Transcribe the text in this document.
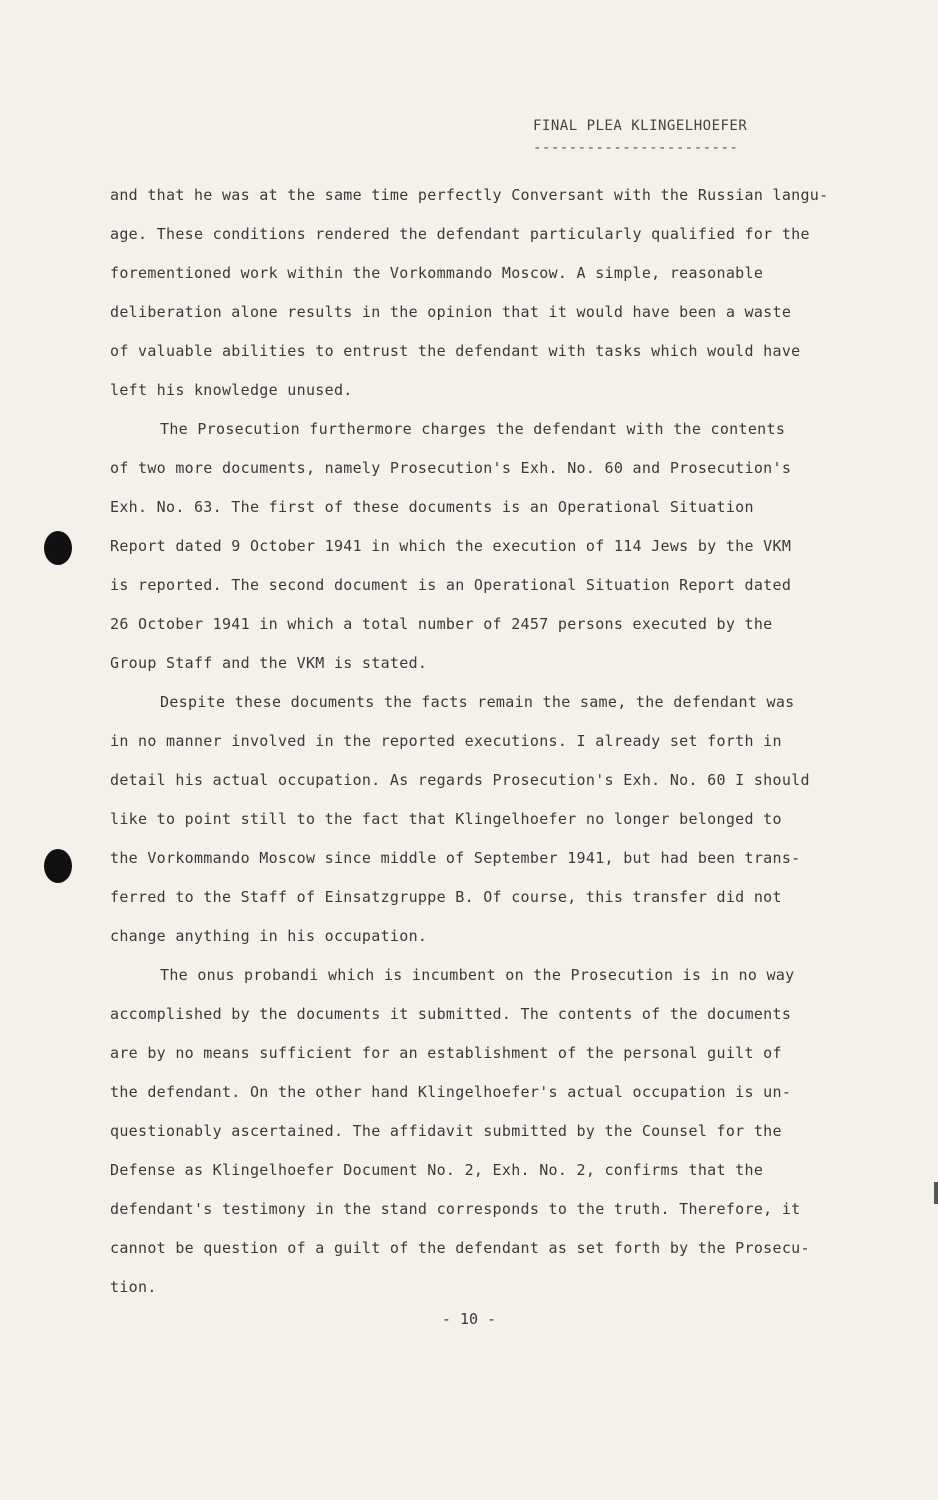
FINAL PLEA KLINGELHOEFER
-----------------------
and that he was at the same time perfectly Conversant with the Russian langu-
age. These conditions rendered the defendant particularly qualified for the
forementioned work within the Vorkommando Moscow. A simple, reasonable
deliberation alone results in the opinion that it would have been a waste
of valuable abilities to entrust the defendant with tasks which would have
left his knowledge unused.
The Prosecution furthermore charges the defendant with the contents
of two more documents, namely Prosecution's Exh. No. 60 and Prosecution's
Exh. No. 63. The first of these documents is an Operational Situation
Report dated 9 October 1941 in which the execution of 114 Jews by the VKM
is reported. The second document is an Operational Situation Report dated
26 October 1941 in which a total number of 2457 persons executed by the
Group Staff and the VKM is stated.
Despite these documents the facts remain the same, the defendant was
in no manner involved in the reported executions. I already set forth in
detail his actual occupation. As regards Prosecution's Exh. No. 60 I should
like to point still to the fact that Klingelhoefer no longer belonged to
the Vorkommando Moscow since middle of September 1941, but had been trans-
ferred to the Staff of Einsatzgruppe B. Of course, this transfer did not
change anything in his occupation.
The onus probandi which is incumbent on the Prosecution is in no way
accomplished by the documents it submitted. The contents of the documents
are by no means sufficient for an establishment of the personal guilt of
the defendant. On the other hand Klingelhoefer's actual occupation is un-
questionably ascertained. The affidavit submitted by the Counsel for the
Defense as Klingelhoefer Document No. 2, Exh. No. 2, confirms that the
defendant's testimony in the stand corresponds to the truth. Therefore, it
cannot be question of a guilt of the defendant as set forth by the Prosecu-
tion.
- 10 -
